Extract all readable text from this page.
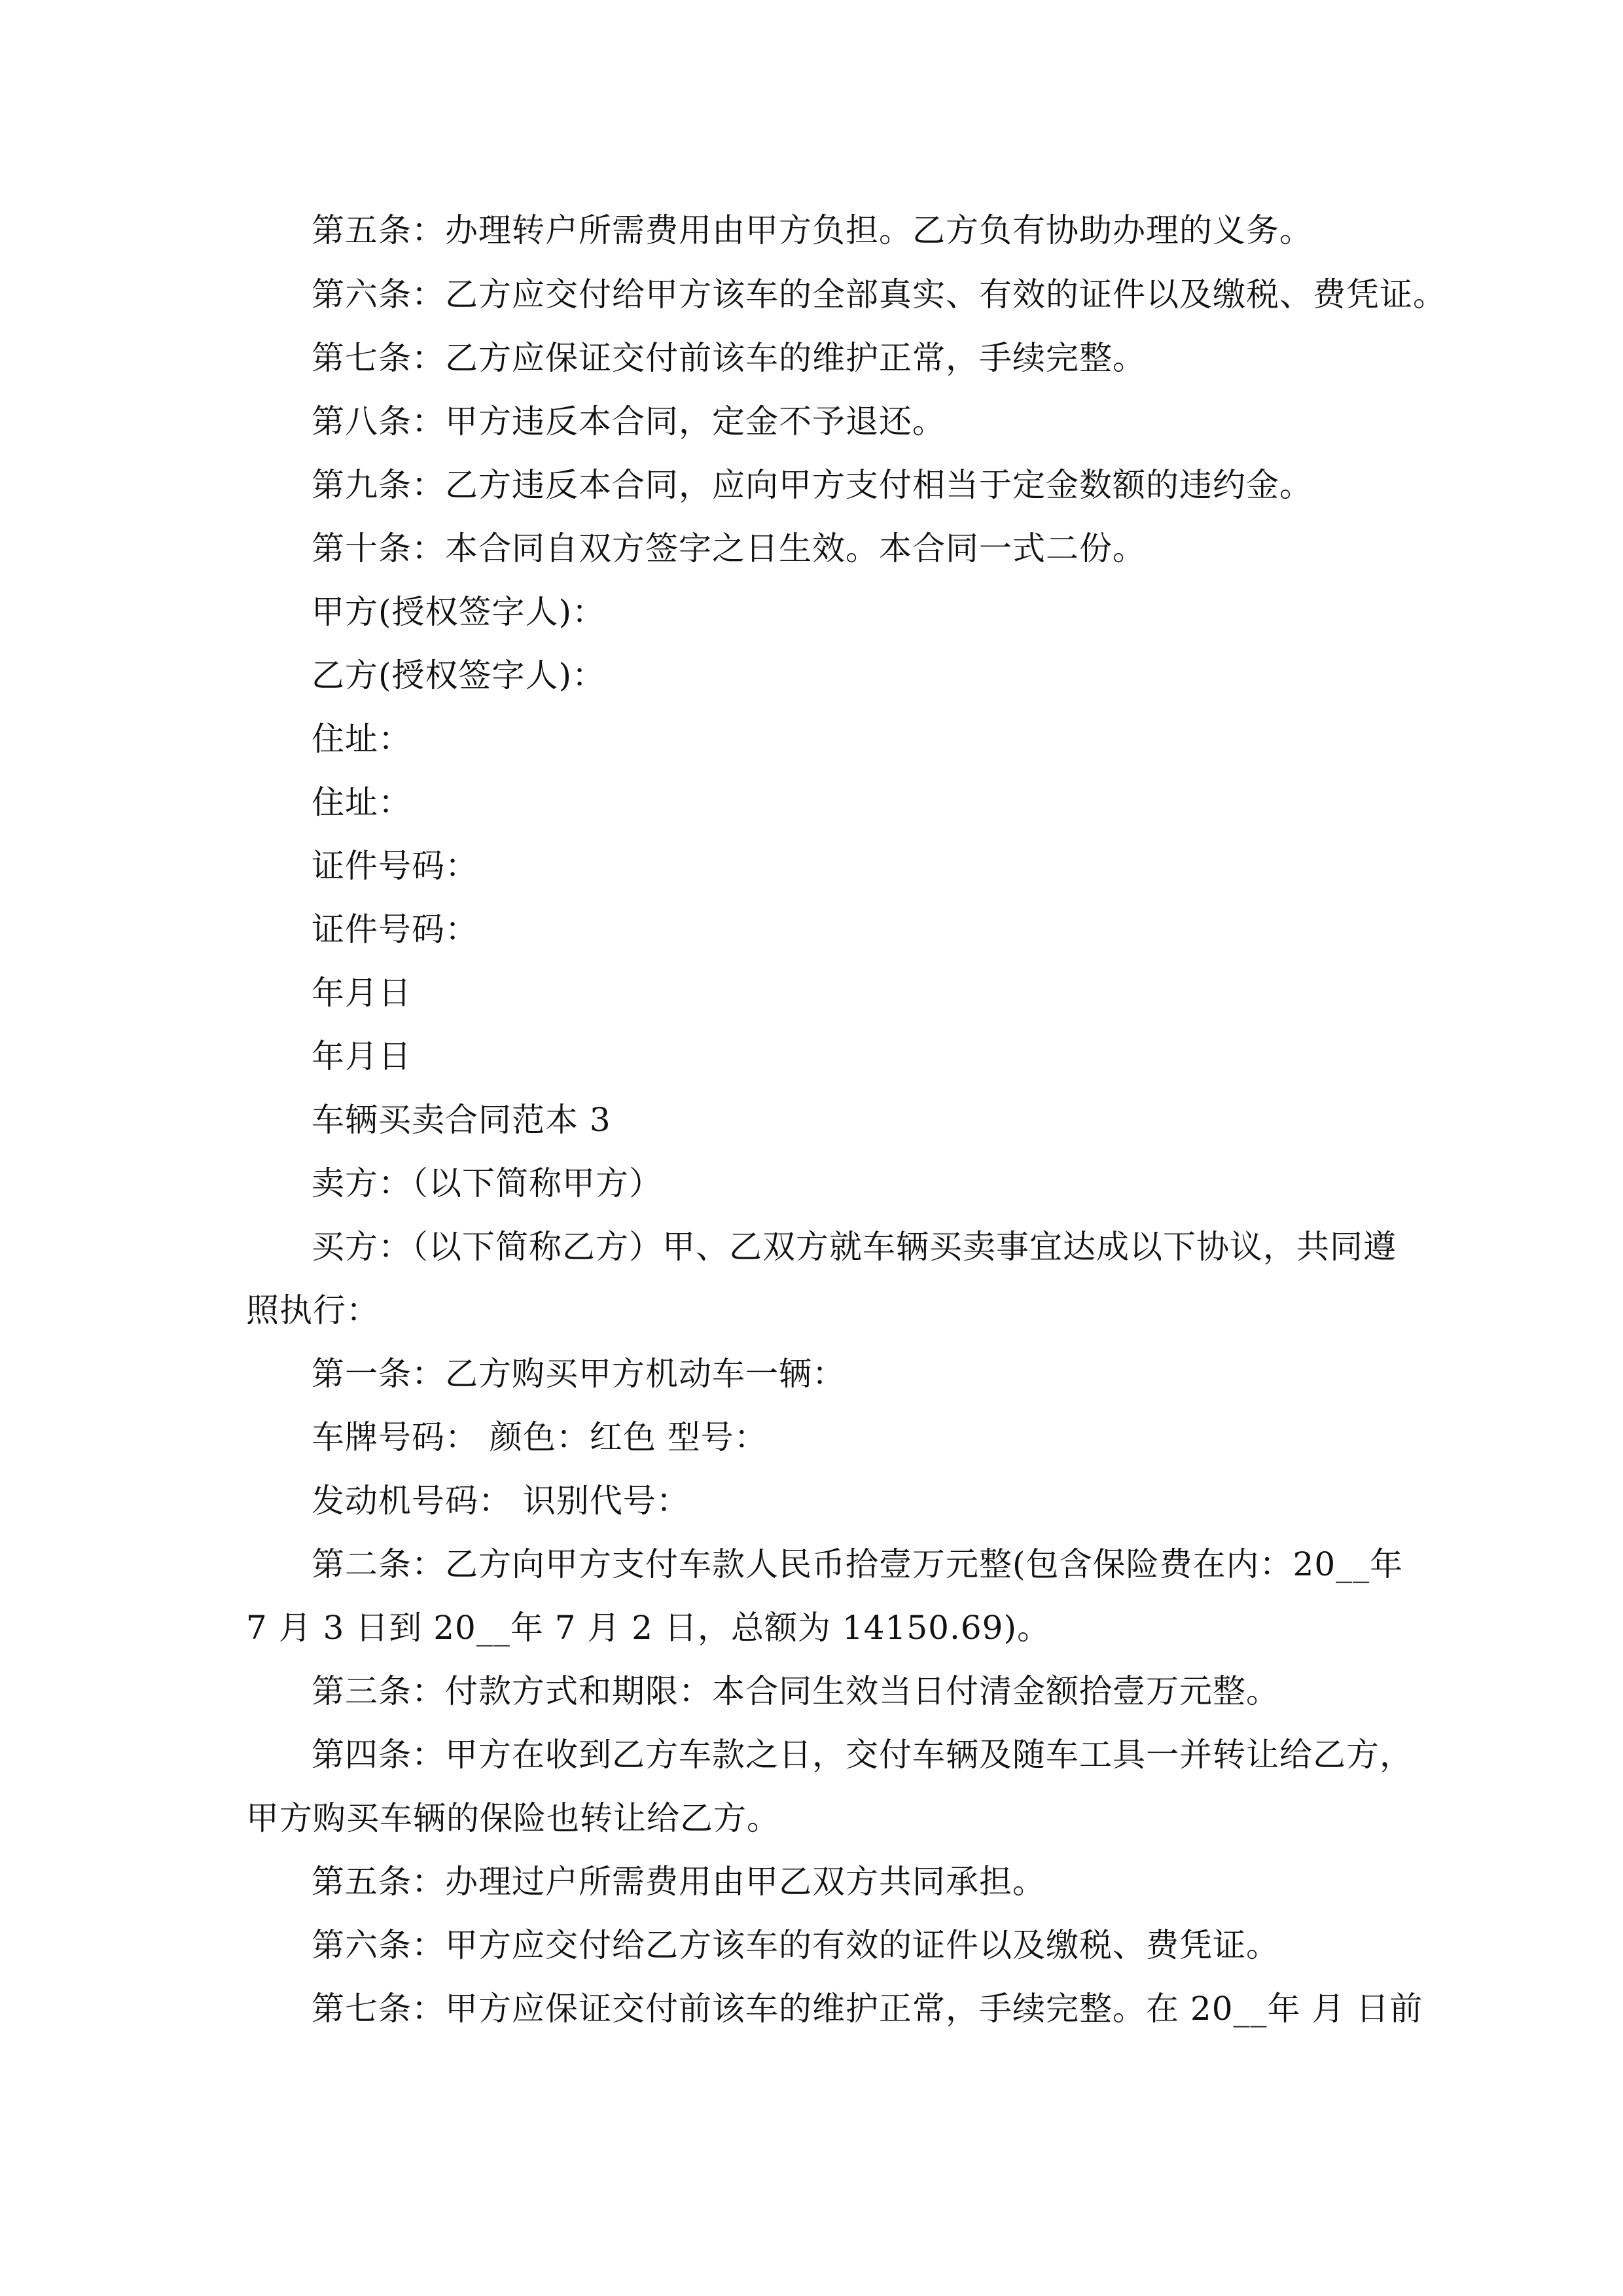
第五条：办理转户所需费用由甲方负担。乙方负有协助办理的义务。
第六条：乙方应交付给甲方该车的全部真实、有效的证件以及缴税、费凭证。
第七条：乙方应保证交付前该车的维护正常，手续完整。
第八条：甲方违反本合同，定金不予退还。
第九条：乙方违反本合同，应向甲方支付相当于定金数额的违约金。
第十条：本合同自双方签字之日生效。本合同一式二份。
甲方(授权签字人)：
乙方(授权签字人)：
住址：
住址：
证件号码：
证件号码：
年月日
年月日
车辆买卖合同范本 3
卖方：（以下简称甲方）
买方：（以下简称乙方）甲、乙双方就车辆买卖事宜达成以下协议，共同遵
照执行：
第一条：乙方购买甲方机动车一辆：
车牌号码： 颜色：红色 型号：
发动机号码： 识别代号：
第二条：乙方向甲方支付车款人民币拾壹万元整(包含保险费在内：20__年
7 月 3 日到 20__年 7 月 2 日，总额为 14150.69)。
第三条：付款方式和期限：本合同生效当日付清金额拾壹万元整。
第四条：甲方在收到乙方车款之日，交付车辆及随车工具一并转让给乙方，
甲方购买车辆的保险也转让给乙方。
第五条：办理过户所需费用由甲乙双方共同承担。
第六条：甲方应交付给乙方该车的有效的证件以及缴税、费凭证。
第七条：甲方应保证交付前该车的维护正常，手续完整。在 20__年 月 日前
